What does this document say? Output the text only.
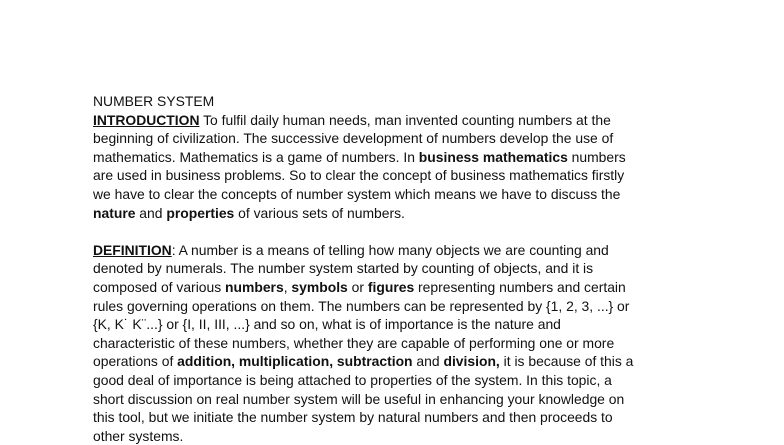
NUMBER SYSTEM
INTRODUCTION To fulfil daily human needs, man invented counting numbers at the
beginning of civilization. The successive development of numbers develop the use of
mathematics. Mathematics is a game of numbers. In business mathematics numbers
are used in business problems. So to clear the concept of business mathematics firstly
we have to clear the concepts of number system which means we have to discuss the
nature and properties of various sets of numbers.
DEFINITION: A number is a means of telling how many objects we are counting and
denoted by numerals. The number system started by counting of objects, and it is
composed of various numbers, symbols or figures representing numbers and certain
rules governing operations on them. The numbers can be represented by {1, 2, 3, ...} or
{K, K˙ K¨...} or {I, II, III, ...} and so on, what is of importance is the nature and
characteristic of these numbers, whether they are capable of performing one or more
operations of addition, multiplication, subtraction and division, it is because of this a
good deal of importance is being attached to properties of the system. In this topic, a
short discussion on real number system will be useful in enhancing your knowledge on
this tool, but we initiate the number system by natural numbers and then proceeds to
other systems.
